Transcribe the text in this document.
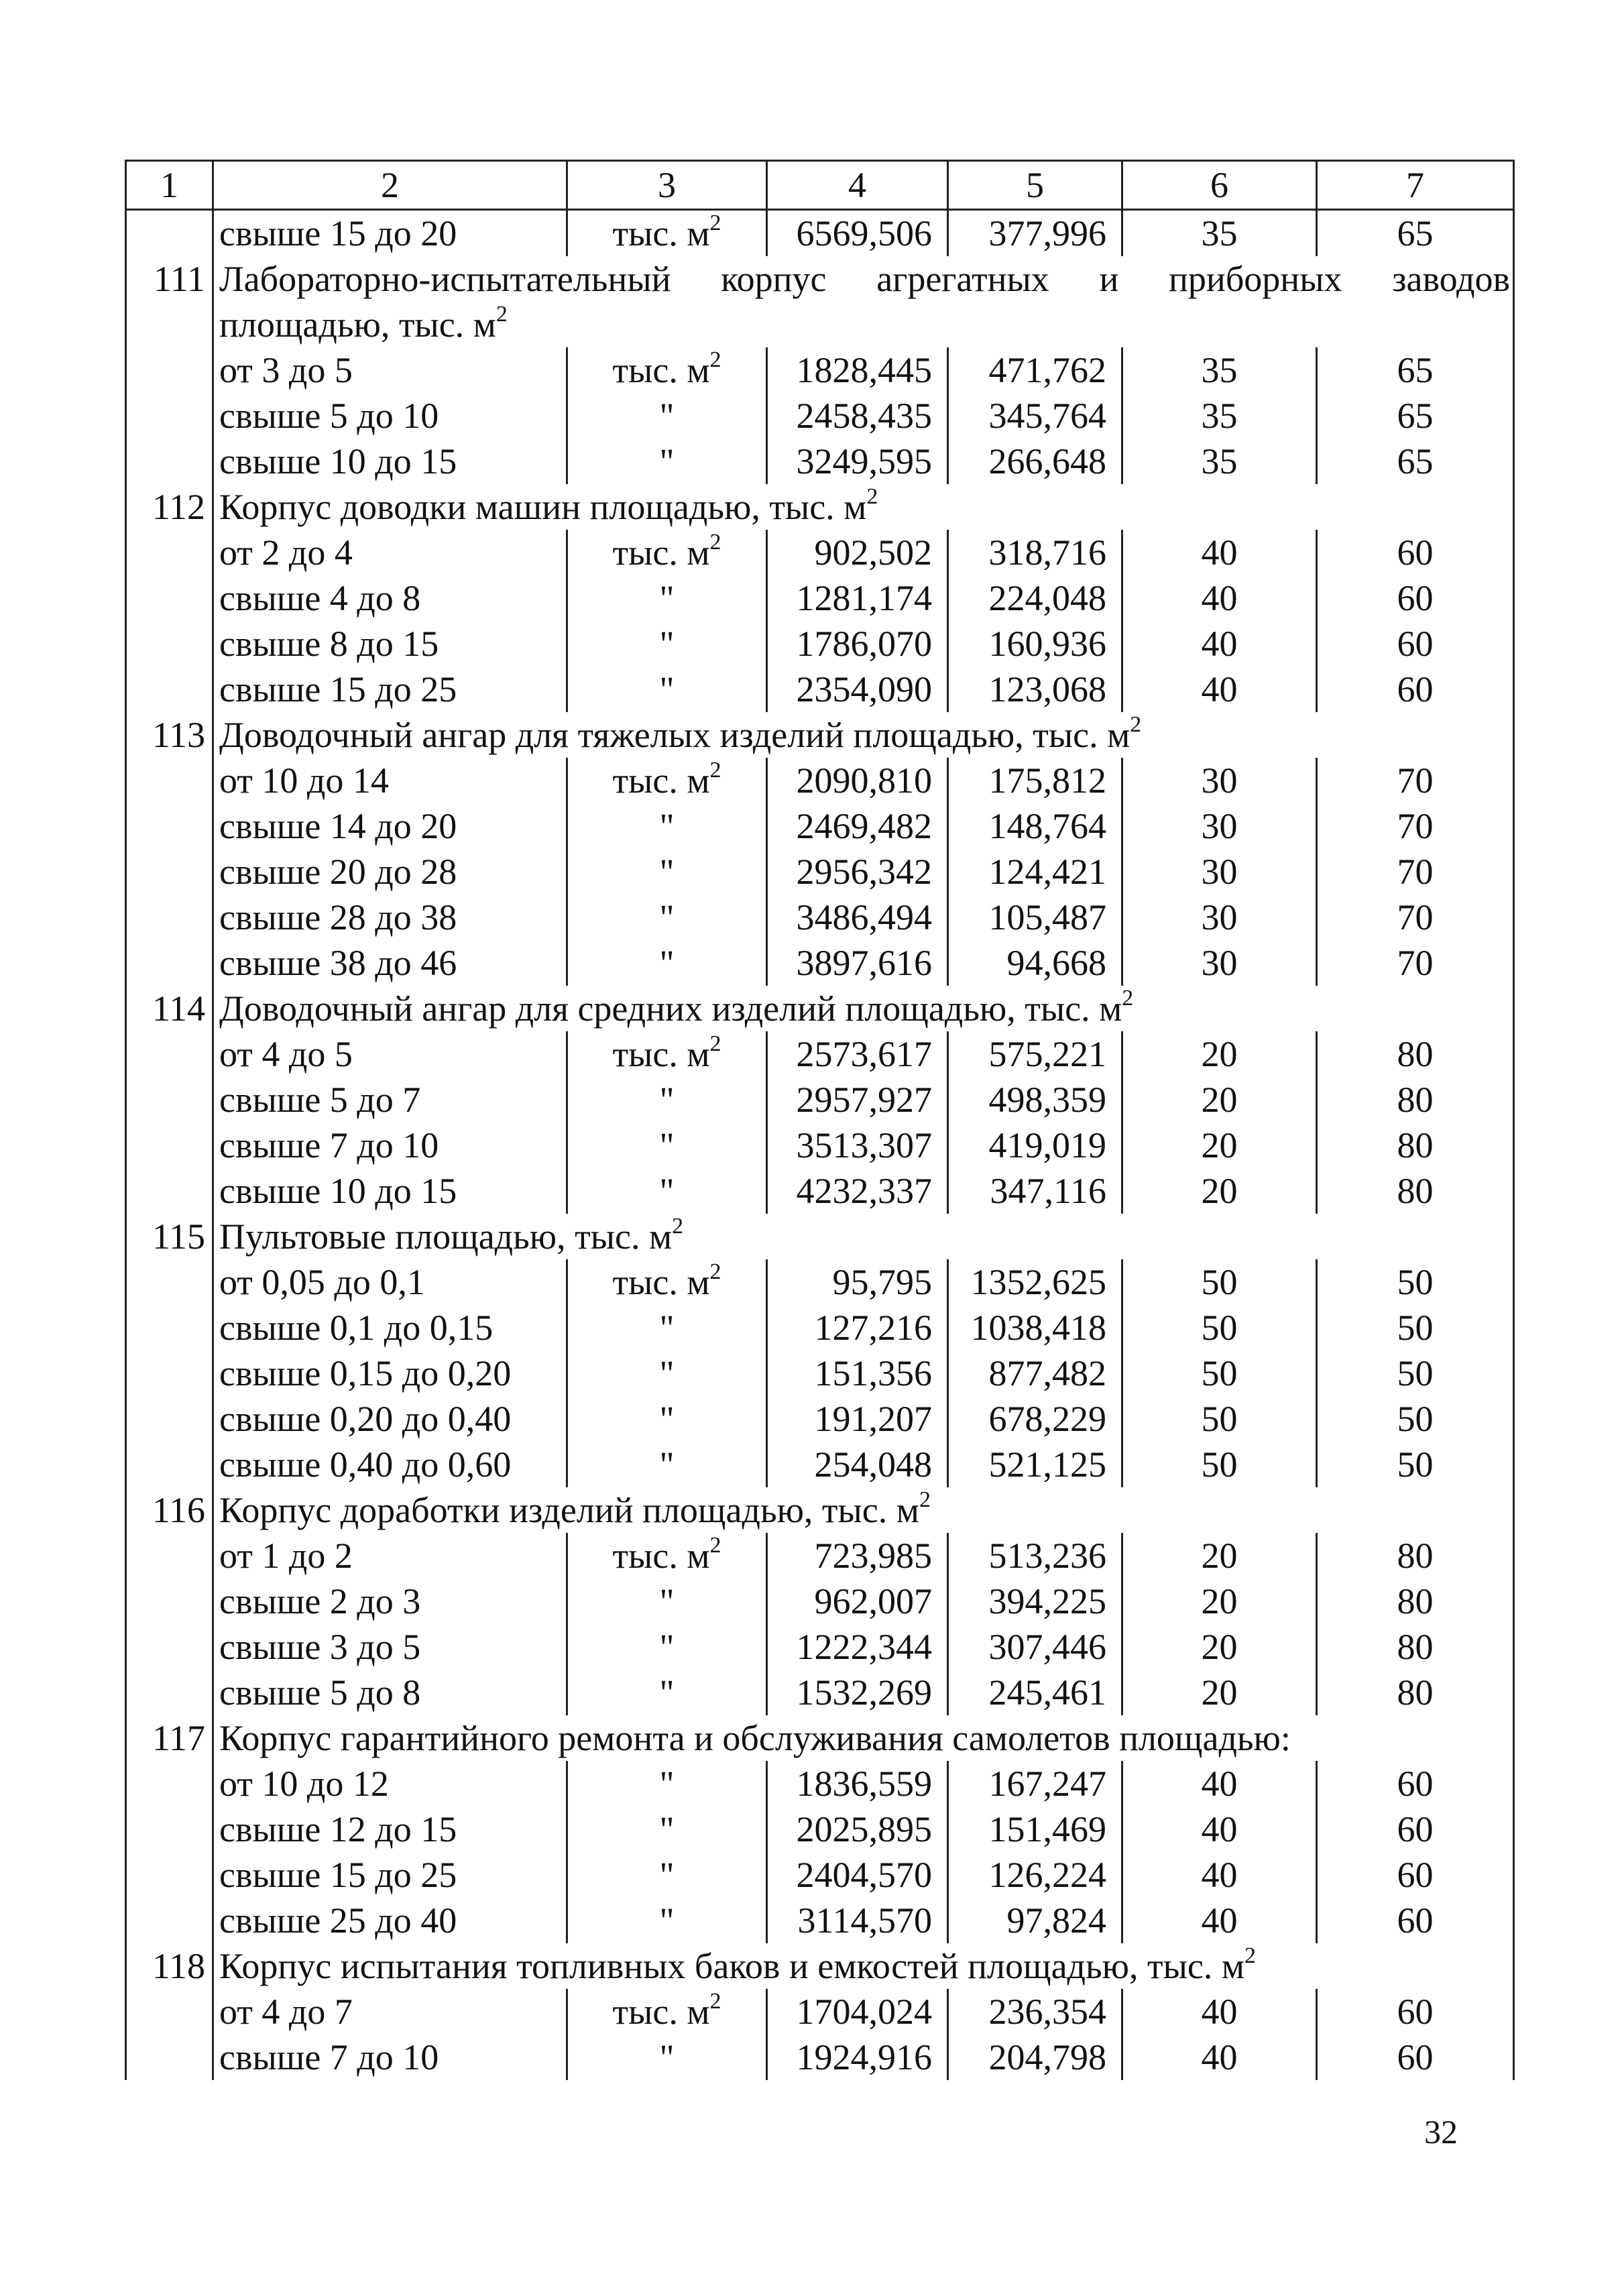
1	2	3	4	5	6	7
	свыше 15 до 20	тыс. $м^2$	6569,506	377,996	35	65
111	Лабораторно-испытательный корпус агрегатных и приборных заводов					
	площадью, тыс. $м^2$
	от 3 до 5	тыс. $м^2$	1828,445	471,762	35	65
	свыше 5 до 10	"	2458,435	345,764	35	65
	свыше 10 до 15	"	3249,595	266,648	35	65
112	Корпус доводки машин площадью, тыс. $м^2$
	от 2 до 4	тыс. $м^2$	902,502	318,716	40	60
	свыше 4 до 8	"	1281,174	224,048	40	60
	свыше 8 до 15	"	1786,070	160,936	40	60
	свыше 15 до 25	"	2354,090	123,068	40	60
113	Доводочный ангар для тяжелых изделий площадью, тыс. $м^2$
	от 10 до 14	тыс. $м^2$	2090,810	175,812	30	70
	свыше 14 до 20	"	2469,482	148,764	30	70
	свыше 20 до 28	"	2956,342	124,421	30	70
	свыше 28 до 38	"	3486,494	105,487	30	70
	свыше 38 до 46	"	3897,616	94,668	30	70
114	Доводочный ангар для средних изделий площадью, тыс. $м^2$
	от 4 до 5	тыс. $м^2$	2573,617	575,221	20	80
	свыше 5 до 7	"	2957,927	498,359	20	80
	свыше 7 до 10	"	3513,307	419,019	20	80
	свыше 10 до 15	"	4232,337	347,116	20	80
115	Пультовые площадью, тыс. $м^2$
	от 0,05 до 0,1	тыс. $м^2$	95,795	1352,625	50	50
	свыше 0,1 до 0,15	"	127,216	1038,418	50	50
	свыше 0,15 до 0,20	"	151,356	877,482	50	50
	свыше 0,20 до 0,40	"	191,207	678,229	50	50
	свыше 0,40 до 0,60	"	254,048	521,125	50	50
116	Корпус доработки изделий площадью, тыс. $м^2$
	от 1 до 2	тыс. $м^2$	723,985	513,236	20	80
	свыше 2 до 3	"	962,007	394,225	20	80
	свыше 3 до 5	"	1222,344	307,446	20	80
	свыше 5 до 8	"	1532,269	245,461	20	80
117	Корпус гарантийного ремонта и обслуживания самолетов площадью:					
	от 10 до 12	"	1836,559	167,247	40	60
	свыше 12 до 15	"	2025,895	151,469	40	60
	свыше 15 до 25	"	2404,570	126,224	40	60
	свыше 25 до 40	"	3114,570	97,824	40	60
118	Корпус испытания топливных баков и емкостей площадью, тыс. $м^2$
	от 4 до 7	тыс. $м^2$	1704,024	236,354	40	60
	свыше 7 до 10	"	1924,916	204,798	40	60
32
